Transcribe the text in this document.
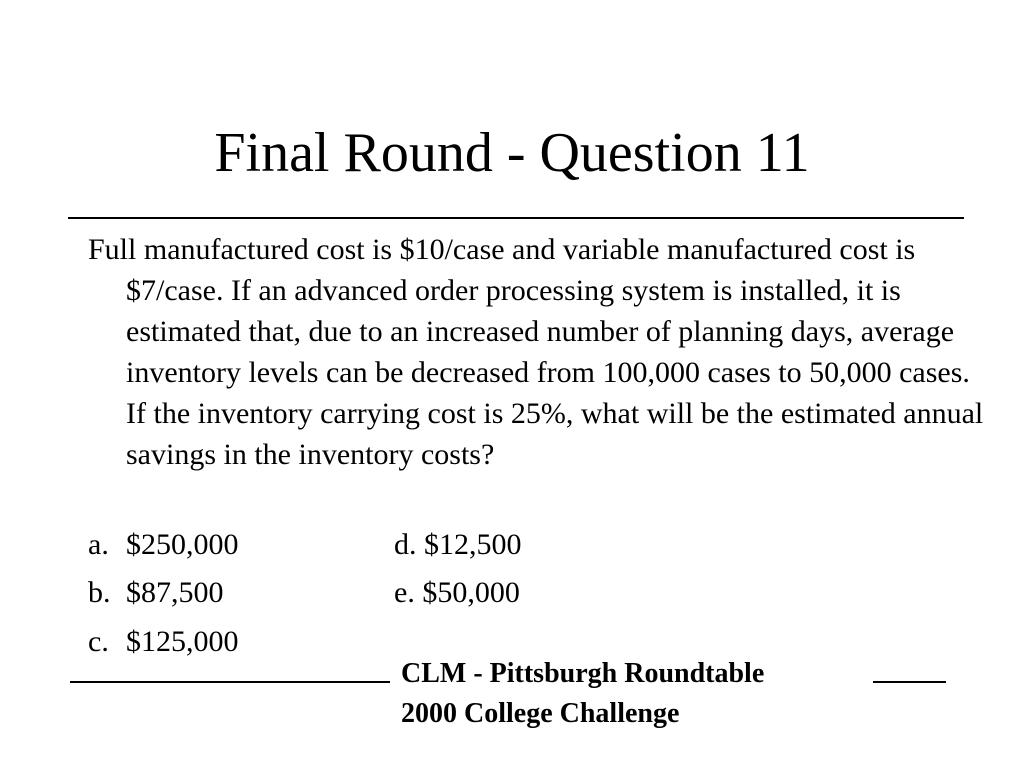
Final Round - Question 11

Full manufactured cost is $10/case and variable manufactured cost is $7/case. If an advanced order processing system is installed, it is estimated that, due to an increased number of planning days, average inventory levels can be decreased from 100,000 cases to 50,000 cases. If the inventory carrying cost is 25%, what will be the estimated annual savings in the inventory costs?

a. $250,000	d. $12,500
b. $87,500	e. $50,000
c. $125,000
CLM - Pittsburgh Roundtable
2000 College Challenge
